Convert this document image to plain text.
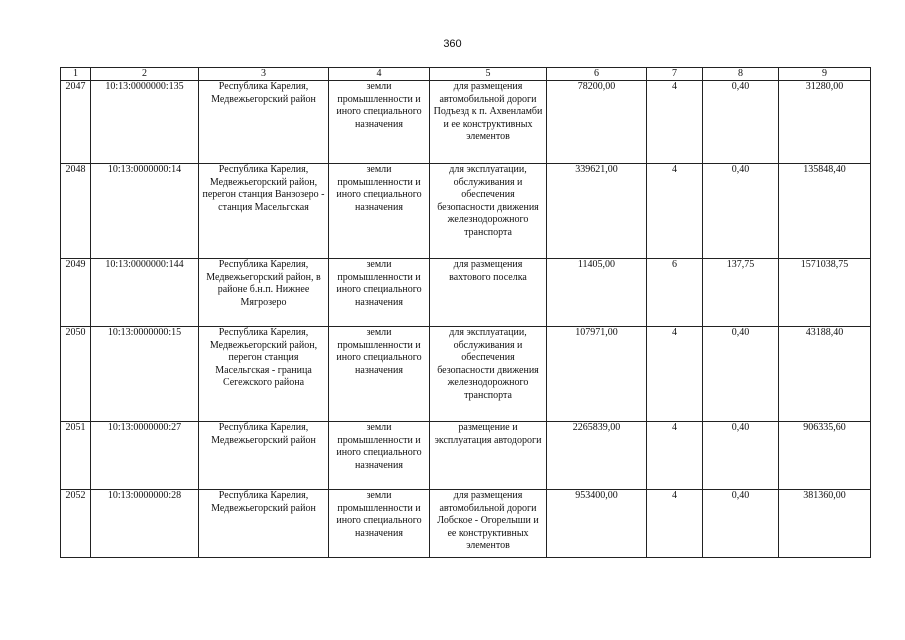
360
1	2	3	4	5	6	7	8	9
2047	10:13:0000000:135	Республика Карелия, Медвежьегорский район	земли промышленности и иного специального назначения	для размещения автомобильной дороги Подъезд к п. Ахвенламби и ее конструктивных элементов	78200,00	4	0,40	31280,00
2048	10:13:0000000:14	Республика Карелия, Медвежьегорский район, перегон станция Ванзозеро - станция Масельгская	земли промышленности и иного специального назначения	для эксплуатации, обслуживания и обеспечения безопасности движения железнодорожного транспорта	339621,00	4	0,40	135848,40
2049	10:13:0000000:144	Республика Карелия, Медвежьегорский район, в районе б.н.п. Нижнее Мягрозеро	земли промышленности и иного специального назначения	для размещения вахтового поселка	11405,00	6	137,75	1571038,75
2050	10:13:0000000:15	Республика Карелия, Медвежьегорский район, перегон станция Масельгская - граница Сегежского района	земли промышленности и иного специального назначения	для эксплуатации, обслуживания и обеспечения безопасности движения железнодорожного транспорта	107971,00	4	0,40	43188,40
2051	10:13:0000000:27	Республика Карелия, Медвежьегорский район	земли промышленности и иного специального назначения	размещение и эксплуатация автодороги	2265839,00	4	0,40	906335,60
2052	10:13:0000000:28	Республика Карелия, Медвежьегорский район	земли промышленности и иного специального назначения	для размещения автомобильной дороги Лобское - Огорелыши и ее конструктивных элементов	953400,00	4	0,40	381360,00
